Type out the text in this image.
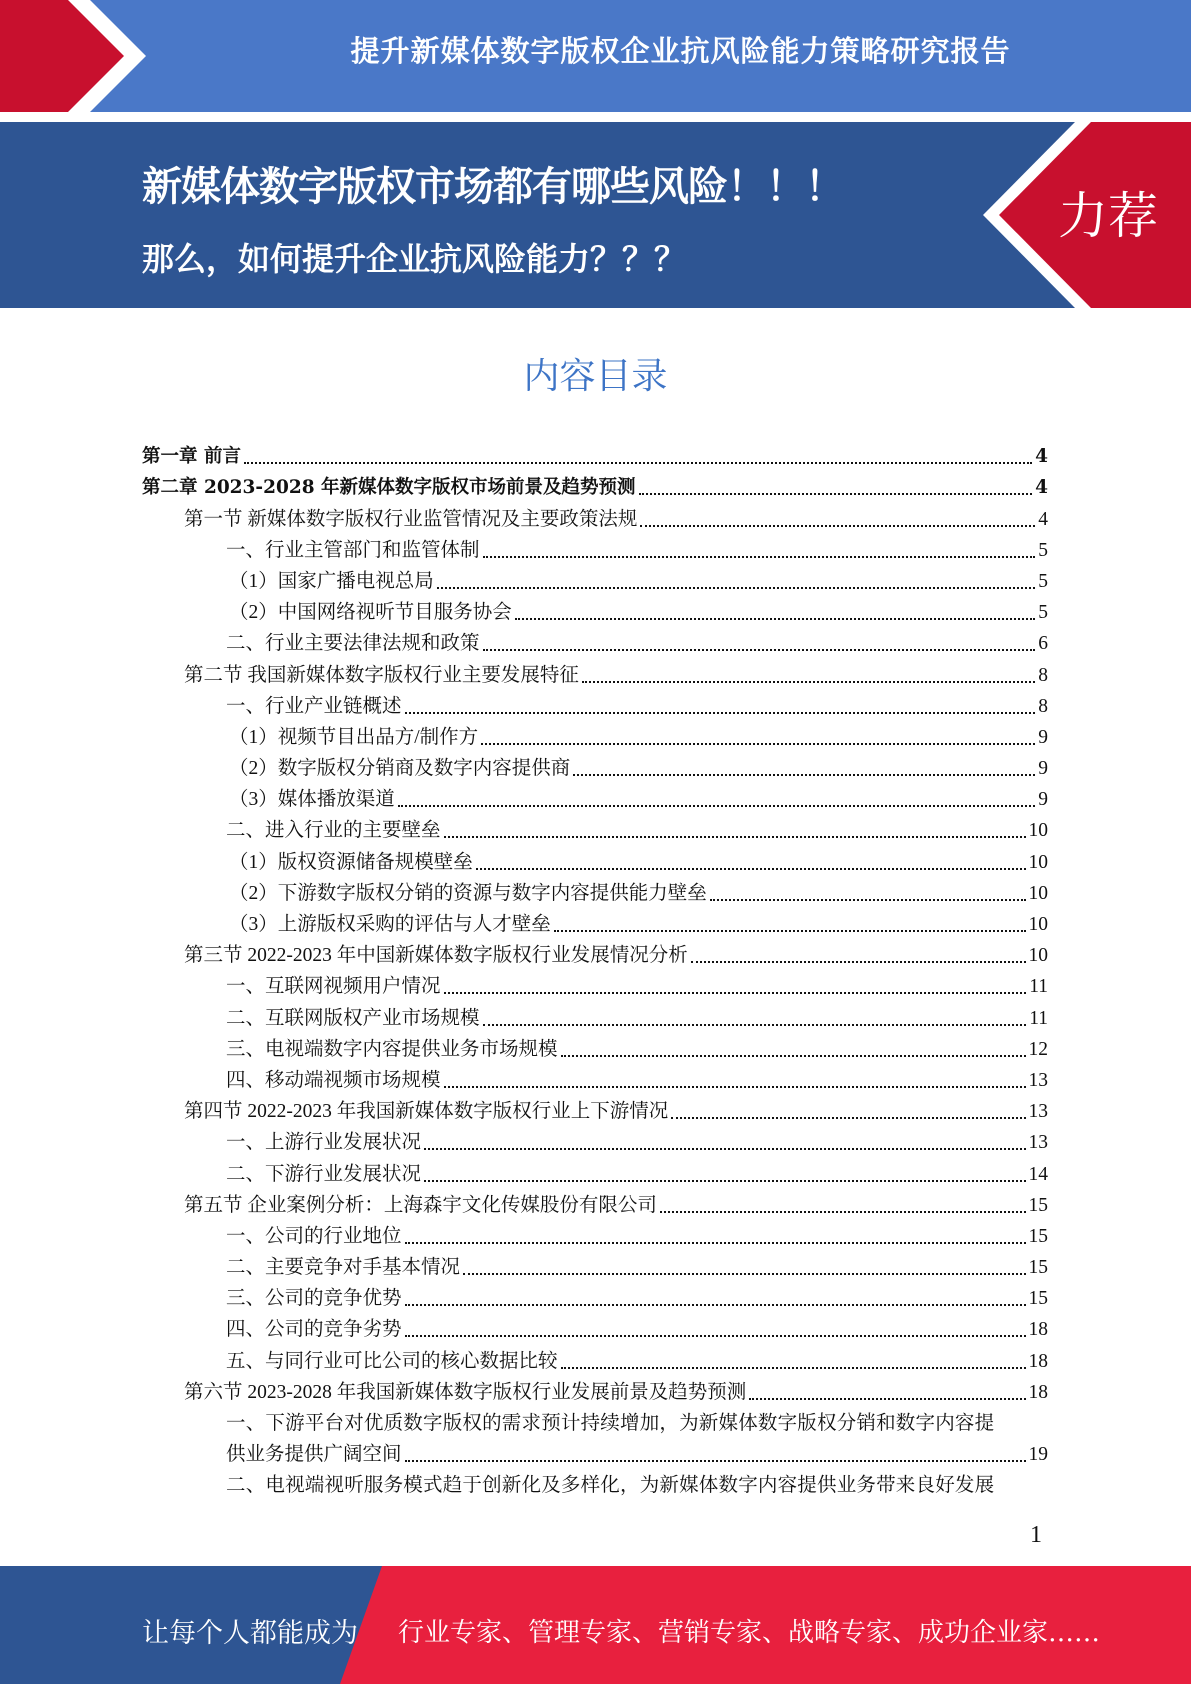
提升新媒体数字版权企业抗风险能力策略研究报告
新媒体数字版权市场都有哪些风险！！！
那么，如何提升企业抗风险能力？？？
力荐
内容目录
第一章 前言	4
第二章 2023-2028 年新媒体数字版权市场前景及趋势预测	4
第一节 新媒体数字版权行业监管情况及主要政策法规	4
一、行业主管部门和监管体制	5
（1）国家广播电视总局	5
（2）中国网络视听节目服务协会	5
二、行业主要法律法规和政策	6
第二节 我国新媒体数字版权行业主要发展特征	8
一、行业产业链概述	8
（1）视频节目出品方/制作方	9
（2）数字版权分销商及数字内容提供商	9
（3）媒体播放渠道	9
二、进入行业的主要壁垒	10
（1）版权资源储备规模壁垒	10
（2）下游数字版权分销的资源与数字内容提供能力壁垒	10
（3）上游版权采购的评估与人才壁垒	10
第三节 2022-2023 年中国新媒体数字版权行业发展情况分析	10
一、互联网视频用户情况	11
二、互联网版权产业市场规模	11
三、电视端数字内容提供业务市场规模	12
四、移动端视频市场规模	13
第四节 2022-2023 年我国新媒体数字版权行业上下游情况	13
一、上游行业发展状况	13
二、下游行业发展状况	14
第五节 企业案例分析：上海森宇文化传媒股份有限公司	15
一、公司的行业地位	15
二、主要竞争对手基本情况	15
三、公司的竞争优势	15
四、公司的竞争劣势	18
五、与同行业可比公司的核心数据比较	18
第六节 2023-2028 年我国新媒体数字版权行业发展前景及趋势预测	18
一、下游平台对优质数字版权的需求预计持续增加，为新媒体数字版权分销和数字内容提
供业务提供广阔空间	19
二、电视端视听服务模式趋于创新化及多样化，为新媒体数字内容提供业务带来良好发展
1
让每个人都能成为 行业专家、管理专家、营销专家、战略专家、成功企业家……
